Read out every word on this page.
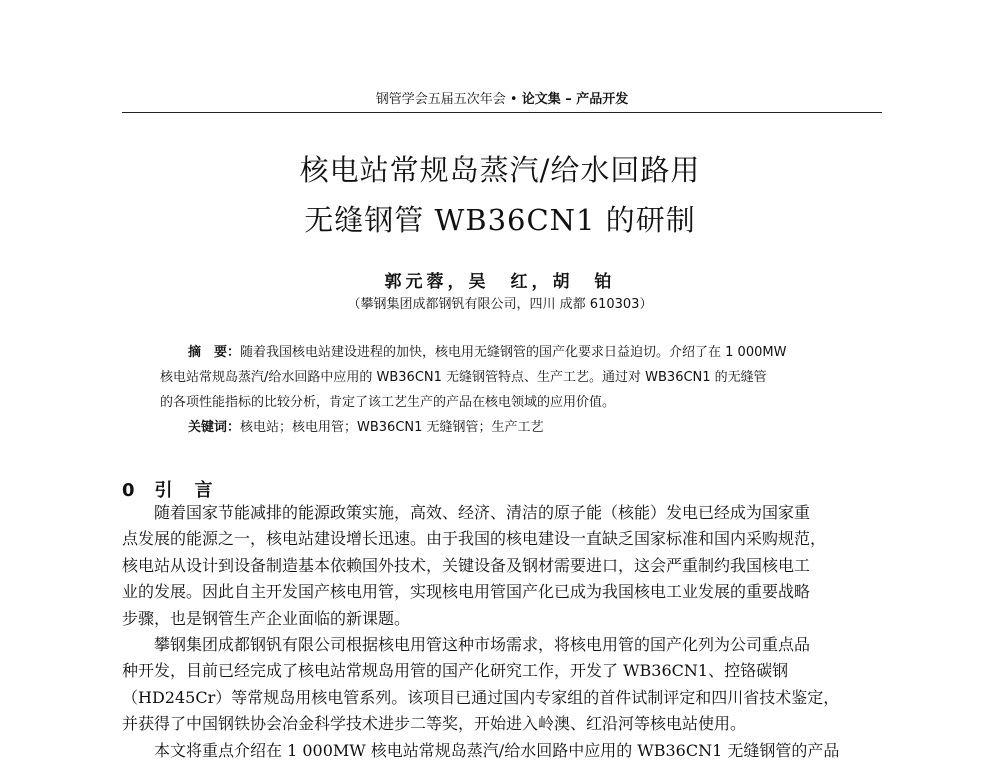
钢管学会五届五次年会 • 论文集 – 产品开发
核电站常规岛蒸汽/给水回路用
无缝钢管 WB36CN1 的研制
郭元蓉，吴　红，胡　铂
（攀钢集团成都钢钒有限公司，四川 成都 610303）
摘　要：随着我国核电站建设进程的加快，核电用无缝钢管的国产化要求日益迫切。介绍了在 1 000MW
核电站常规岛蒸汽/给水回路中应用的 WB36CN1 无缝钢管特点、生产工艺。通过对 WB36CN1 的无缝管
的各项性能指标的比较分析，肯定了该工艺生产的产品在核电领域的应用价值。
关键词：核电站；核电用管；WB36CN1 无缝钢管；生产工艺
0 引　言
随着国家节能减排的能源政策实施，高效、经济、清洁的原子能（核能）发电已经成为国家重
点发展的能源之一，核电站建设增长迅速。由于我国的核电建设一直缺乏国家标准和国内采购规范，
核电站从设计到设备制造基本依赖国外技术，关键设备及钢材需要进口，这会严重制约我国核电工
业的发展。因此自主开发国产核电用管，实现核电用管国产化已成为我国核电工业发展的重要战略
步骤，也是钢管生产企业面临的新课题。
攀钢集团成都钢钒有限公司根据核电用管这种市场需求，将核电用管的国产化列为公司重点品
种开发，目前已经完成了核电站常规岛用管的国产化研究工作，开发了 WB36CN1、控铬碳钢
（HD245Cr）等常规岛用核电管系列。该项目已通过国内专家组的首件试制评定和四川省技术鉴定，
并获得了中国钢铁协会冶金科学技术进步二等奖，开始进入岭澳、红沿河等核电站使用。
本文将重点介绍在 1 000MW 核电站常规岛蒸汽/给水回路中应用的 WB36CN1 无缝钢管的产品
